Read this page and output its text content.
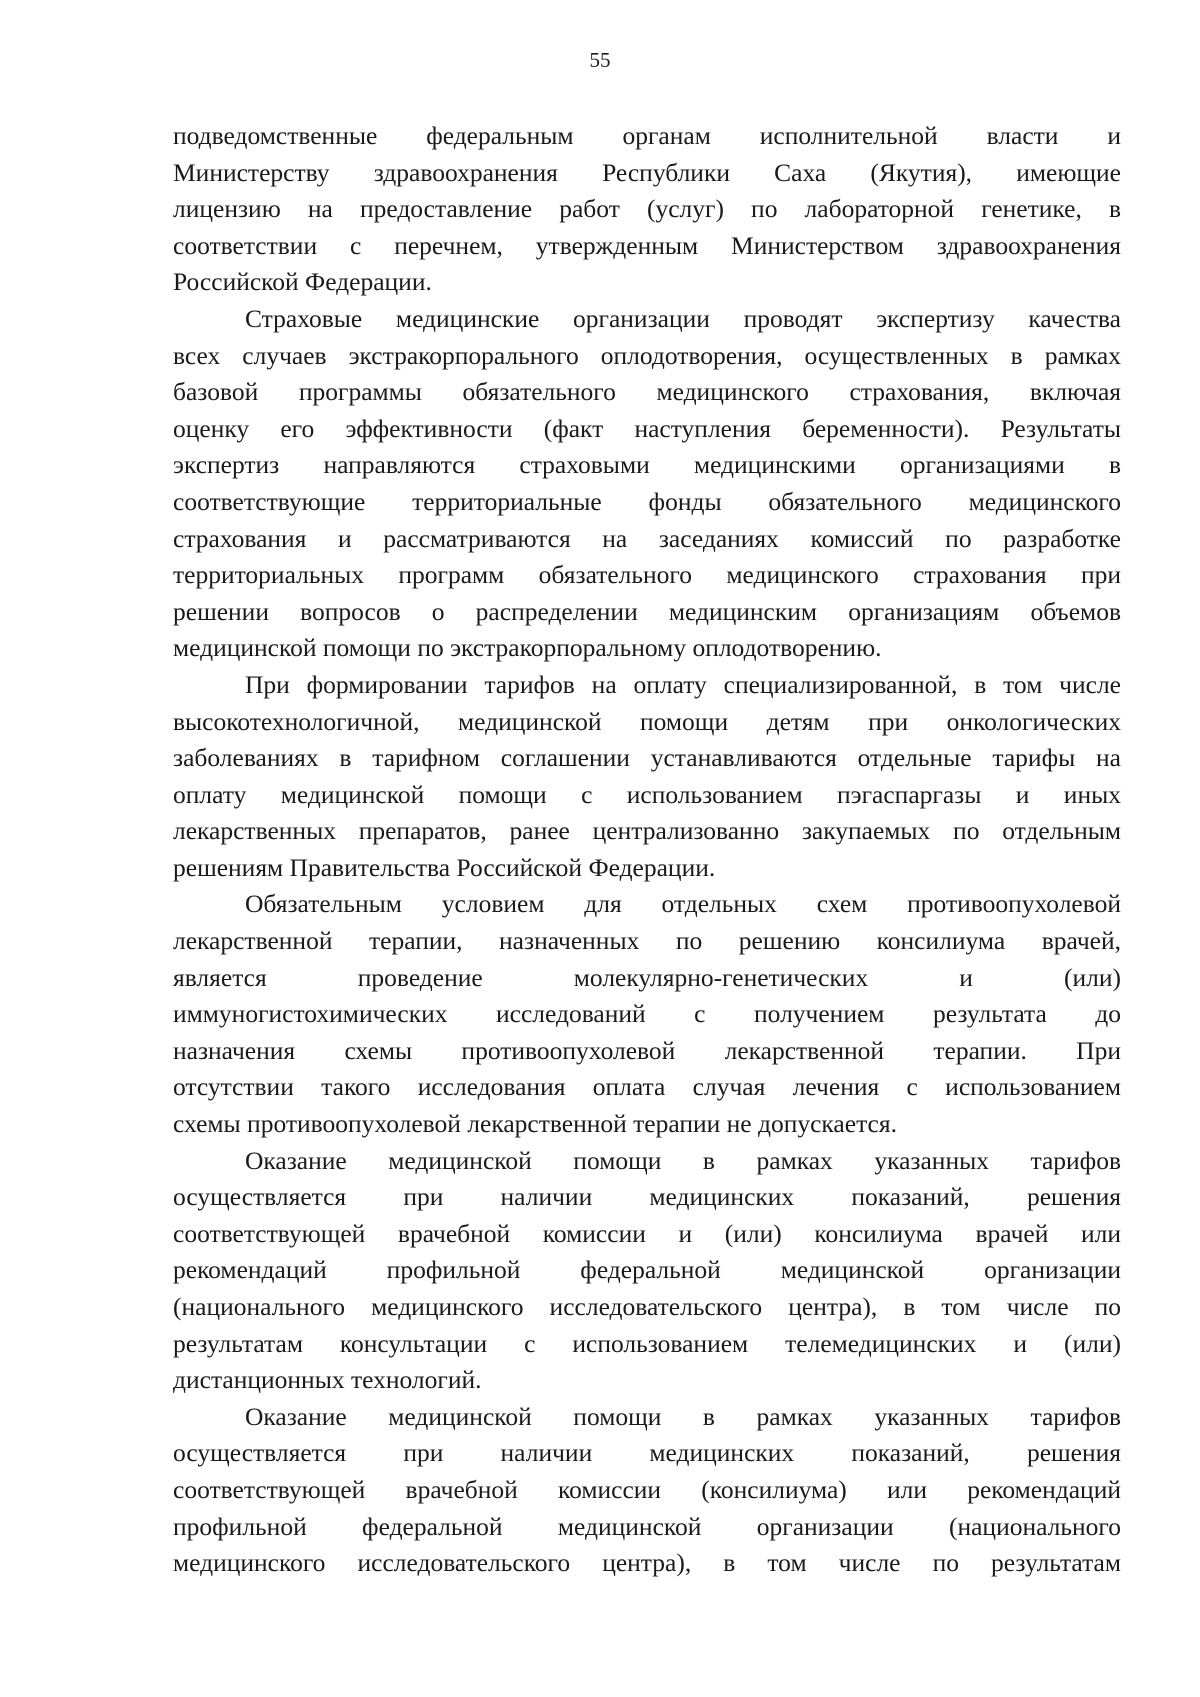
55
подведомственные федеральным органам исполнительной власти и
Министерству здравоохранения Республики Саха (Якутия), имеющие
лицензию на предоставление работ (услуг) по лабораторной генетике, в
соответствии с перечнем, утвержденным Министерством здравоохранения
Российской Федерации.
Страховые медицинские организации проводят экспертизу качества
всех случаев экстракорпорального оплодотворения, осуществленных в рамках
базовой программы обязательного медицинского страхования, включая
оценку его эффективности (факт наступления беременности). Результаты
экспертиз направляются страховыми медицинскими организациями в
соответствующие территориальные фонды обязательного медицинского
страхования и рассматриваются на заседаниях комиссий по разработке
территориальных программ обязательного медицинского страхования при
решении вопросов о распределении медицинским организациям объемов
медицинской помощи по экстракорпоральному оплодотворению.
При формировании тарифов на оплату специализированной, в том числе
высокотехнологичной, медицинской помощи детям при онкологических
заболеваниях в тарифном соглашении устанавливаются отдельные тарифы на
оплату медицинской помощи с использованием пэгаспаргазы и иных
лекарственных препаратов, ранее централизованно закупаемых по отдельным
решениям Правительства Российской Федерации.
Обязательным условием для отдельных схем противоопухолевой
лекарственной терапии, назначенных по решению консилиума врачей,
является проведение молекулярно-генетических и (или)
иммуногистохимических исследований с получением результата до
назначения схемы противоопухолевой лекарственной терапии. При
отсутствии такого исследования оплата случая лечения с использованием
схемы противоопухолевой лекарственной терапии не допускается.
Оказание медицинской помощи в рамках указанных тарифов
осуществляется при наличии медицинских показаний, решения
соответствующей врачебной комиссии и (или) консилиума врачей или
рекомендаций профильной федеральной медицинской организации
(национального медицинского исследовательского центра), в том числе по
результатам консультации с использованием телемедицинских и (или)
дистанционных технологий.
Оказание медицинской помощи в рамках указанных тарифов
осуществляется при наличии медицинских показаний, решения
соответствующей врачебной комиссии (консилиума) или рекомендаций
профильной федеральной медицинской организации (национального
медицинского исследовательского центра), в том числе по результатам
